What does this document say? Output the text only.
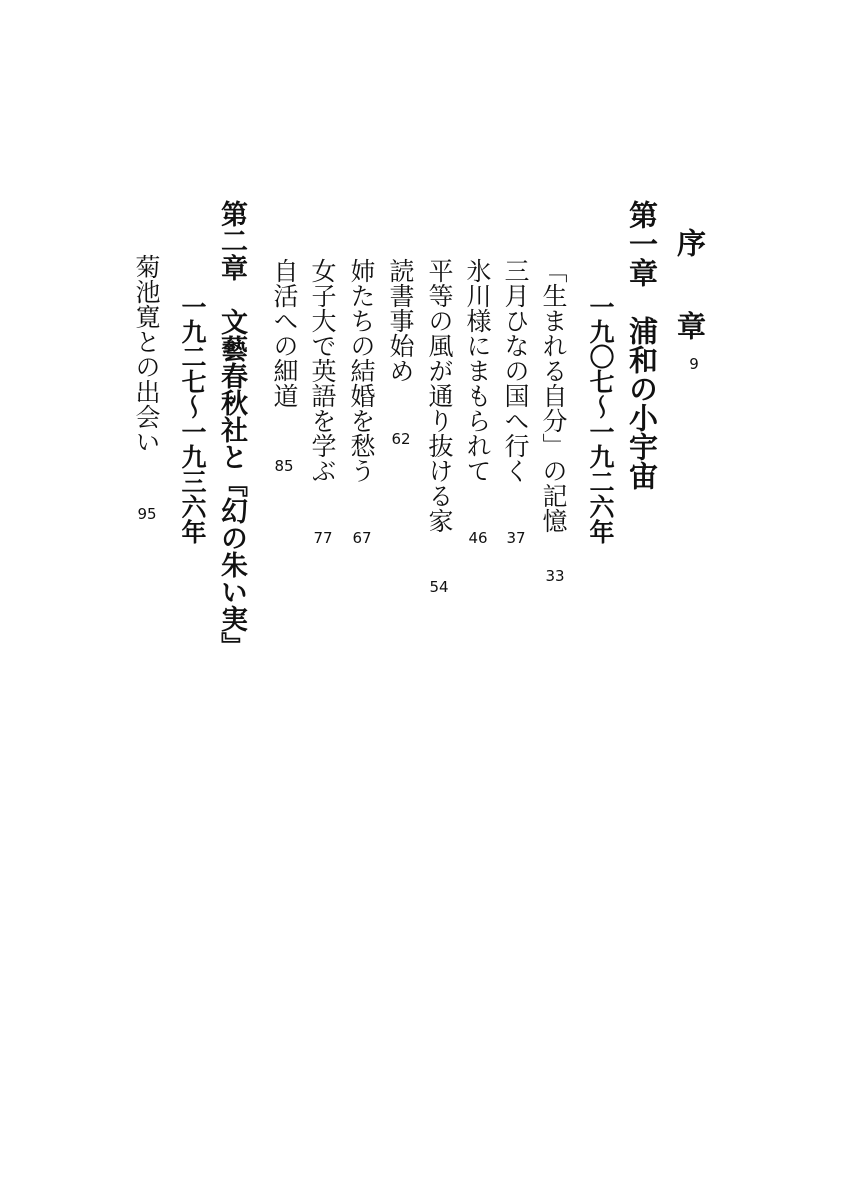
序 章
9
第一章　浦和の小宇宙
一九〇七～一九二六年
「生まれる自分」の記憶
33
三月ひなの国へ行く
37
氷川様にまもられて
46
平等の風が通り抜ける家
54
読書事始め
62
姉たちの結婚を愁う
67
女子大で英語を学ぶ
77
自活への細道
85
第二章　文藝春秋社と『幻の朱い実』
一九二七～一九三六年
菊池寛との出会い
95
